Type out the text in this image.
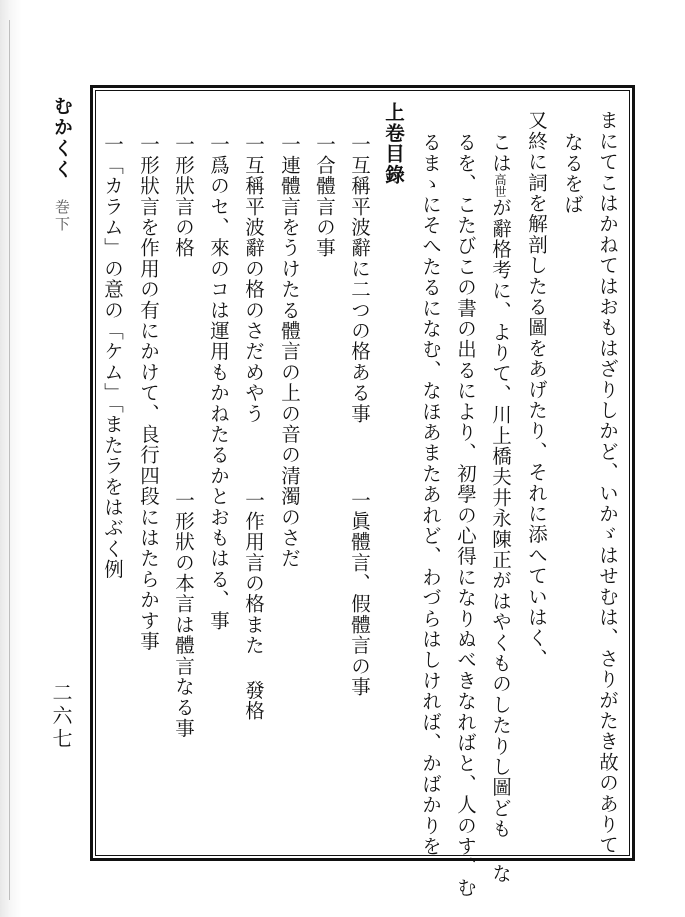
むかくく 巻下
二六七	まにてこはかねてはおもはざりしかど、いかゞはせむは、さりがたき故のありて
なるをば
又終に詞を解剖したる圖をあげたり、それに添へていはく、
こは高世が辭格考に、よりて、川上橋夫井永陳正がはやくものしたりし圖ども な
るを、こたびこの書の出るにより、初學の心得になりぬべきなればと、人のす、む
るまゝにそへたるになむ、なほあまたあれど、わづらはしければ、かばかりを
上卷目錄
一互稱平波辭に二つの格ある事
一眞體言、假體言の事
一合體言の事
一連體言をうけたる體言の上の音の清濁のさだ
一互稱平波辭の格のさだめやう
一作用言の格また 發格
一爲のセ、來のコは運用もかねたるかとおもはる、事
一形狀言の格
一形狀の本言は體言なる事
一形狀言を作用の有にかけて、良行四段にはたらかす事
一「カラム」の意の「ケム」「またラをはぶく例
